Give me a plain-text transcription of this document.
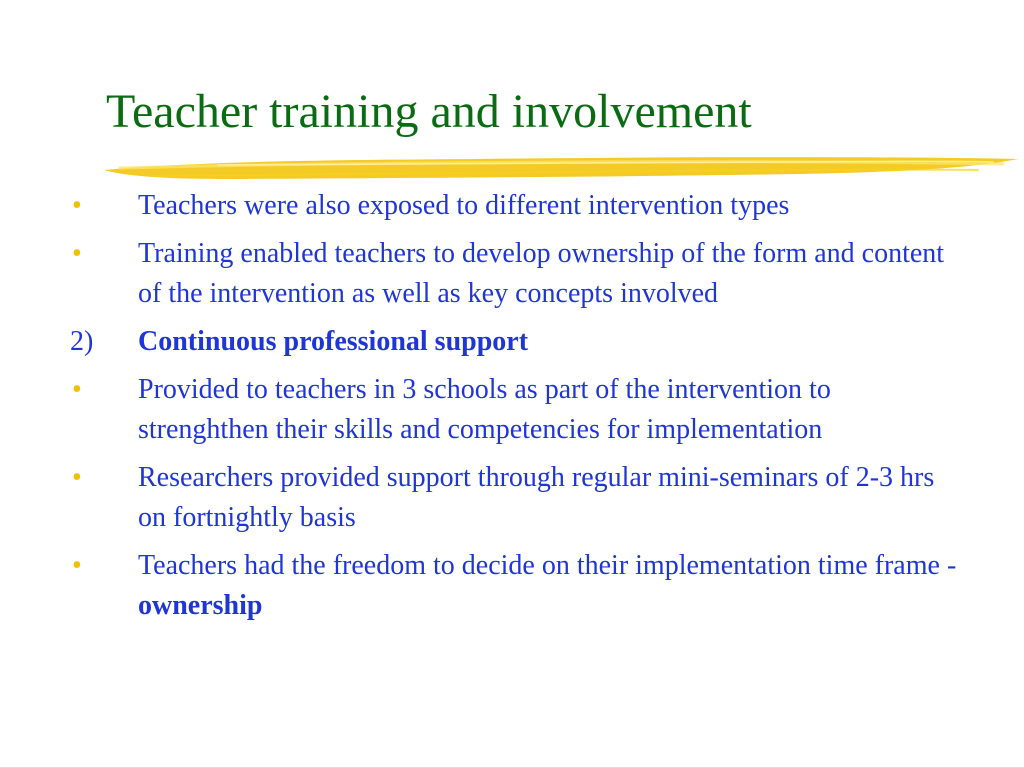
Teacher training and involvement
• Teachers were also exposed to different intervention types
• Training enabled teachers to develop ownership of the form and content of the intervention as well as key concepts involved
2) Continuous professional support
• Provided to teachers in 3 schools as part of the intervention to strenghthen their skills and competencies for implementation
• Researchers provided support through regular mini-seminars of 2-3 hrs on fortnightly basis
• Teachers had the freedom to decide on their implementation time frame - ownership
